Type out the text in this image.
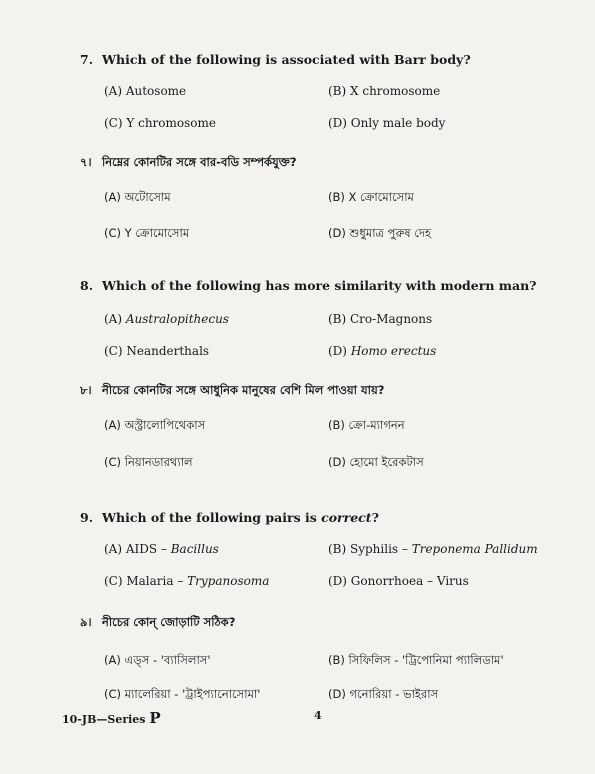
7. Which of the following is associated with Barr body?
(A) Autosome	(B) X chromosome
(C) Y chromosome	(D) Only male body
৭। নিম্নের কোনটির সঙ্গে বার-বডি সম্পর্কযুক্ত?
(A) অটোসোম	(B) X ক্রোমোসোম
(C) Y ক্রোমোসোম	(D) শুধুমাত্র পুরুষ দেহ
8. Which of the following has more similarity with modern man?
(A) Australopithecus	(B) Cro-Magnons
(C) Neanderthals	(D) Homo erectus
৮। নীচের কোনটির সঙ্গে আধুনিক মানুষের বেশি মিল পাওয়া যায়?
(A) অস্ট্রালোপিথেকাস	(B) ক্রো-ম্যাগনন
(C) নিয়ানডারথ্যাল	(D) হোমো ইরেকটাস
9. Which of the following pairs is correct?
(A) AIDS – Bacillus	(B) Syphilis – Treponema Pallidum
(C) Malaria – Trypanosoma	(D) Gonorrhoea – Virus
৯। নীচের কোন্ জোড়াটি সঠিক?
(A) এড্স - 'ব্যাসিলাস'	(B) সিফিলিস - 'ট্রিপোনিমা প্যালিডাম'
(C) ম্যালেরিয়া - 'ট্রাইপ্যানোসোমা'	(D) গনোরিয়া - ভাইরাস
10-JB—Series P	4
